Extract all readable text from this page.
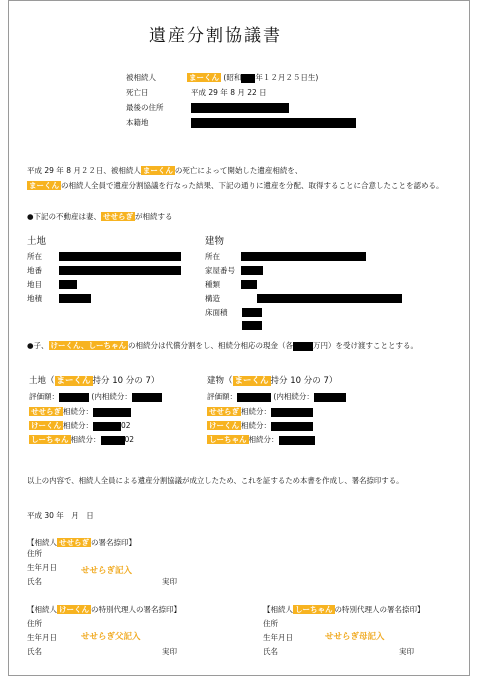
遺産分割協議書
被相続人	まーくん (昭和 年１２月２５日生)
死亡日	平成 29 年 8 月 22 日
最後の住所
本籍地
平成 29 年 8 月２２日、被相続人 まーくん の死亡によって開始した遺産相続を、
まーくん の相続人全員で遺産分割協議を行なった結果、下記の通りに遺産を分配、取得することに合意したことを認める。
●下記の不動産は妻、 せせらぎ が相続する
土地
所在
地番
地目
地積
建物
所在
家屋番号
種類
構造
床面積
●子、 けーくん、しーちゃん の相続分は代償分割をし、相続分相応の現金（各	万円）を受け渡すこととする。
土地（ まーくん 持分 10 分の 7）
評価額：	(内相続分：
せせらぎ 相続分：
けーくん 相続分：	02
しーちゃん 相続分：	02
建物（ まーくん 持分 10 分の 7）
評価額：	(内相続分：
せせらぎ 相続分：
けーくん 相続分：
しーちゃん 相続分：
以上の内容で、相続人全員による遺産分割協議が成立したため、これを証するため本書を作成し、署名捺印する。
平成 30 年　月　日
【相続人 せせらぎ の署名捺印】
住所
生年月日	せせらぎ記入
氏名	実印
【相続人 けーくん の特別代理人の署名捺印】
住所
生年月日	せせらぎ父記入
氏名	実印
【相続人 しーちゃん の特別代理人の署名捺印】
住所
生年月日	せせらぎ母記入
氏名	実印
